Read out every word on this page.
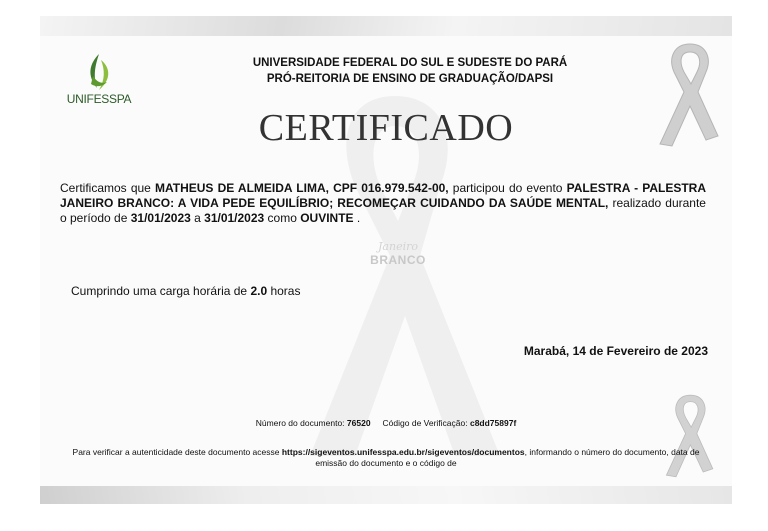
UNIFESSPA
UNIVERSIDADE FEDERAL DO SUL E SUDESTE DO PARÁ
PRÓ-REITORIA DE ENSINO DE GRADUAÇÃO/DAPSI
CERTIFICADO
Certificamos que MATHEUS DE ALMEIDA LIMA, CPF 016.979.542-00, participou do evento PALESTRA - PALESTRA JANEIRO BRANCO: A VIDA PEDE EQUILÍBRIO; RECOMEÇAR CUIDANDO DA SAÚDE MENTAL, realizado durante o período de 31/01/2023 a 31/01/2023 como OUVINTE .
Janeiro
BRANCO
Cumprindo uma carga horária de 2.0 horas
Marabá, 14 de Fevereiro de 2023
Número do documento: 76520 Código de Verificação: c8dd75897f
Para verificar a autenticidade deste documento acesse https://sigeventos.unifesspa.edu.br/sigeventos/documentos, informando o número do documento, data de emissão do documento e o código de
